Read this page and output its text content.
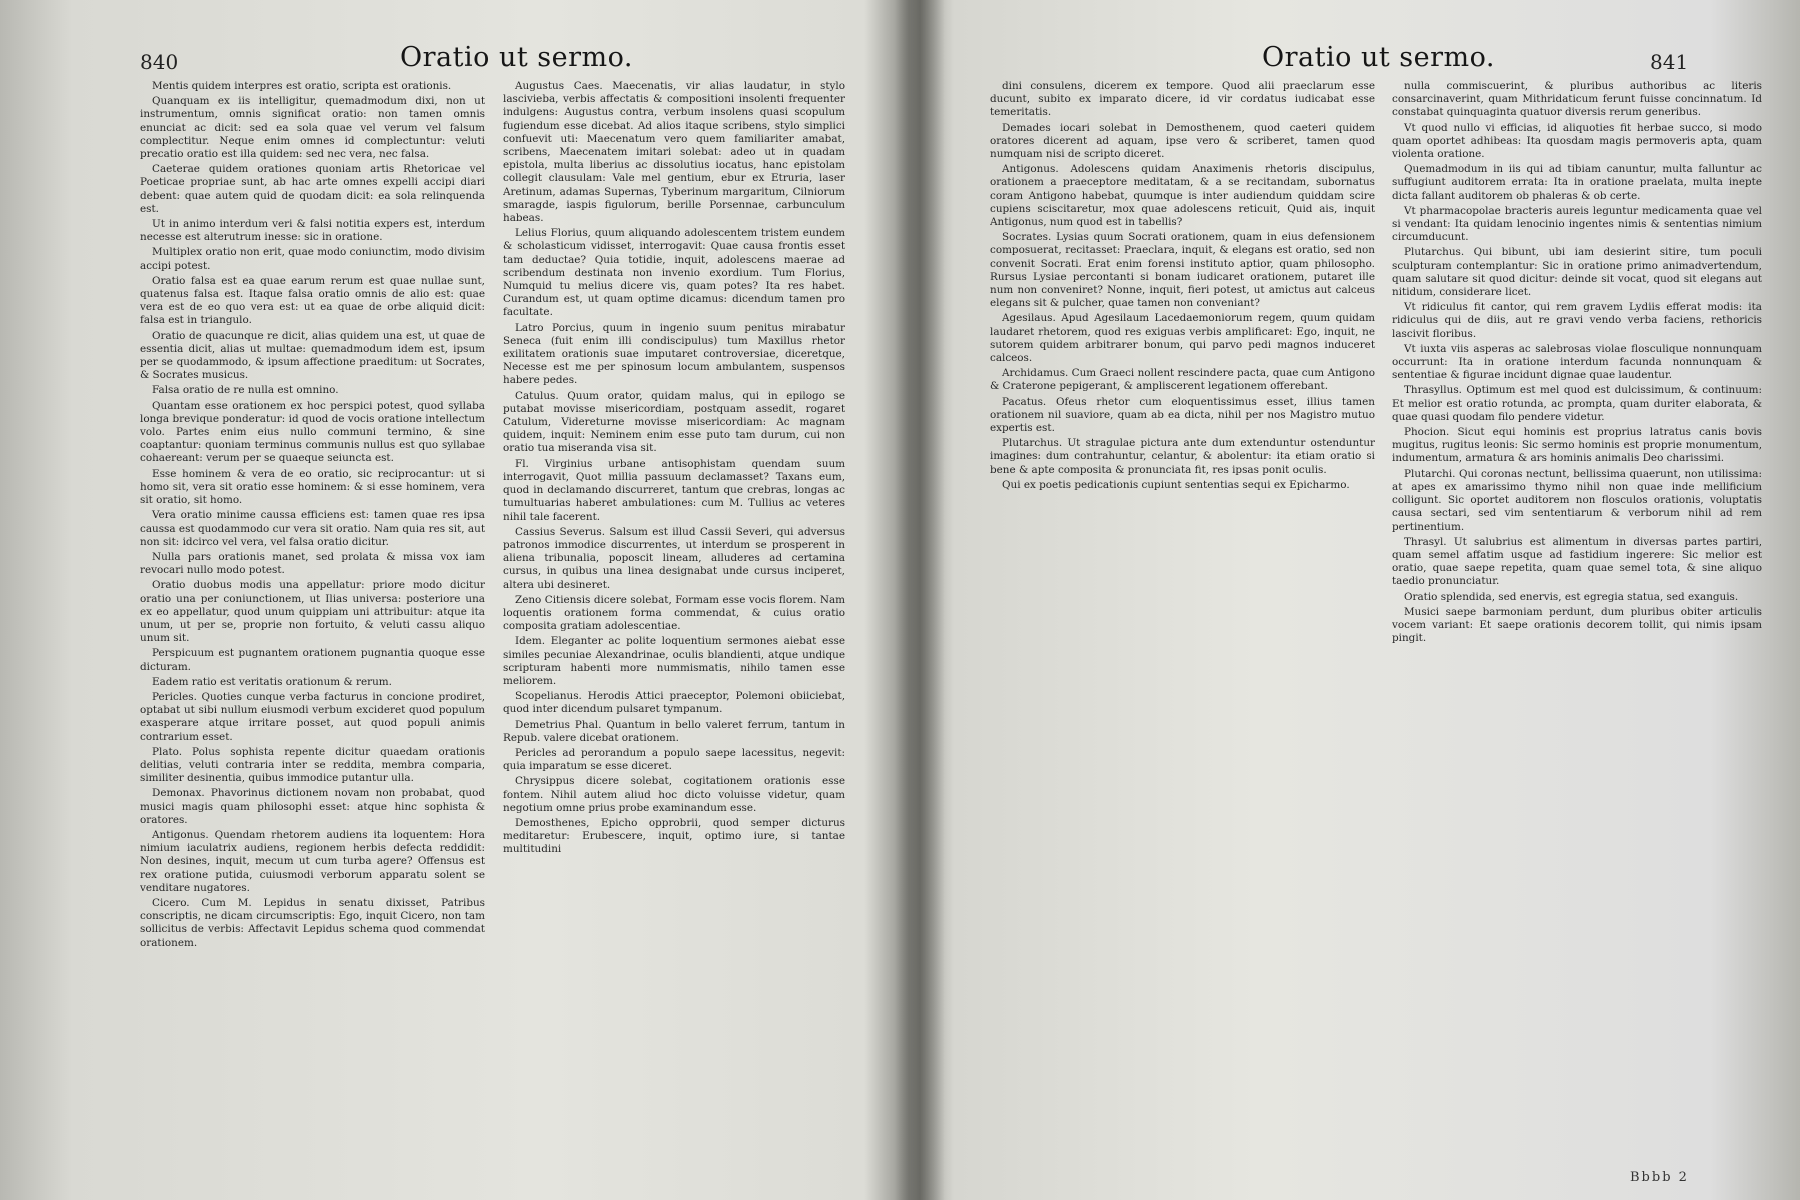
840	Oratio ut sermo.

Mentis quidem interpres est oratio, scripta est orationis.

Quanquam ex iis intelligitur, quemadmodum dixi, non ut instrumentum, omnis significat oratio: non tamen omnis enunciat ac dicit: sed ea sola quae vel verum vel falsum complectitur. Neque enim omnes id complectuntur: veluti precatio oratio est illa quidem: sed nec vera, nec falsa.

Caeterae quidem orationes quoniam artis Rhetoricae vel Poeticae propriae sunt, ab hac arte omnes expelli accipi diari debent: quae autem quid de quodam dicit: ea sola relinquenda est.

Ut in animo interdum veri & falsi notitia expers est, interdum necesse est alterutrum inesse: sic in oratione.

Multiplex oratio non erit, quae modo coniunctim, modo divisim accipi potest.

Oratio falsa est ea quae earum rerum est quae nullae sunt, quatenus falsa est. Itaque falsa oratio omnis de alio est: quae vera est de eo quo vera est: ut ea quae de orbe aliquid dicit: falsa est in triangulo.

Oratio de quacunque re dicit, alias quidem una est, ut quae de essentia dicit, alias ut multae: quemadmodum idem est, ipsum per se quodammodo, & ipsum affectione praeditum: ut Socrates, & Socrates musicus.

Falsa oratio de re nulla est omnino.

Quantam esse orationem ex hoc perspici potest, quod syllaba longa brevique ponderatur: id quod de vocis oratione intellectum volo. Partes enim eius nullo communi termino, & sine coaptantur: quoniam terminus communis nullus est quo syllabae cohaereant: verum per se quaeque seiuncta est.

Esse hominem & vera de eo oratio, sic reciprocantur: ut si homo sit, vera sit oratio esse hominem: & si esse hominem, vera sit oratio, sit homo.

Vera oratio minime caussa efficiens est: tamen quae res ipsa caussa est quodammodo cur vera sit oratio. Nam quia res sit, aut non sit: idcirco vel vera, vel falsa oratio dicitur.

Nulla pars orationis manet, sed prolata & missa vox iam revocari nullo modo potest.

Oratio duobus modis una appellatur: priore modo dicitur oratio una per coniunctionem, ut Ilias universa: posteriore una ex eo appellatur, quod unum quippiam uni attribuitur: atque ita unum, ut per se, proprie non fortuito, & veluti cassu aliquo unum sit.

Perspicuum est pugnantem orationem pugnantia quoque esse dicturam.

Eadem ratio est veritatis orationum & rerum.

Pericles. Quoties cunque verba facturus in concione prodiret, optabat ut sibi nullum eiusmodi verbum excideret quod populum exasperare atque irritare posset, aut quod populi animis contrarium esset.

Plato. Polus sophista repente dicitur quaedam orationis delitias, veluti contraria inter se reddita, membra comparia, similiter desinentia, quibus immodice putantur ulla.

Demonax. Phavorinus dictionem novam non probabat, quod musici magis quam philosophi esset: atque hinc sophista & oratores.

Antigonus. Quendam rhetorem audiens ita loquentem: Hora nimium iaculatrix audiens, regionem herbis defecta reddidit: Non desines, inquit, mecum ut cum turba agere? Offensus est rex oratione putida, cuiusmodi verborum apparatu solent se venditare nugatores.

Cicero. Cum M. Lepidus in senatu dixisset, Patribus conscriptis, ne dicam circumscriptis: Ego, inquit Cicero, non tam sollicitus de verbis: Affectavit Lepidus schema quod commendat orationem.

Augustus Caes. Maecenatis, vir alias laudatur, in stylo lascivieba, verbis affectatis & compositioni insolenti frequenter indulgens: Augustus contra, verbum insolens quasi scopulum fugiendum esse dicebat. Ad alios itaque scribens, stylo simplici confuevit uti: Maecenatum vero quem familiariter amabat, scribens, Maecenatem imitari solebat: adeo ut in quadam epistola, multa liberius ac dissolutius iocatus, hanc epistolam collegit clausulam: Vale mel gentium, ebur ex Etruria, laser Aretinum, adamas Supernas, Tyberinum margaritum, Cilniorum smaragde, iaspis figulorum, berille Porsennae, carbunculum habeas.

Lelius Florius, quum aliquando adolescentem tristem eundem & scholasticum vidisset, interrogavit: Quae causa frontis esset tam deductae? Quia totidie, inquit, adolescens maerae ad scribendum destinata non invenio exordium. Tum Florius, Numquid tu melius dicere vis, quam potes? Ita res habet. Curandum est, ut quam optime dicamus: dicendum tamen pro facultate.

Latro Porcius, quum in ingenio suum penitus mirabatur Seneca (fuit enim illi condiscipulus) tum Maxillus rhetor exilitatem orationis suae imputaret controversiae, diceretque, Necesse est me per spinosum locum ambulantem, suspensos habere pedes.

Catulus. Quum orator, quidam malus, qui in epilogo se putabat movisse misericordiam, postquam assedit, rogaret Catulum, Videreturne movisse misericordiam: Ac magnam quidem, inquit: Neminem enim esse puto tam durum, cui non oratio tua miseranda visa sit.

Fl. Virginius urbane antisophistam quendam suum interrogavit, Quot millia passuum declamasset? Taxans eum, quod in declamando discurreret, tantum que crebras, longas ac tumultuarias haberet ambulationes: cum M. Tullius ac veteres nihil tale facerent.

Cassius Severus. Salsum est illud Cassii Severi, qui adversus patronos immodice discurrentes, ut interdum se prosperent in aliena tribunalia, poposcit lineam, alluderes ad certamina cursus, in quibus una linea designabat unde cursus inciperet, altera ubi desineret.

Zeno Citiensis dicere solebat, Formam esse vocis florem. Nam loquentis orationem forma commendat, & cuius oratio composita gratiam adolescentiae.

Idem. Eleganter ac polite loquentium sermones aiebat esse similes pecuniae Alexandrinae, oculis blandienti, atque undique scripturam habenti more nummismatis, nihilo tamen esse meliorem.

Scopelianus. Herodis Attici praeceptor, Polemoni obiiciebat, quod inter dicendum pulsaret tympanum.

Demetrius Phal. Quantum in bello valeret ferrum, tantum in Repub. valere dicebat orationem.

Pericles ad perorandum a populo saepe lacessitus, negevit: quia imparatum se esse diceret.

Chrysippus dicere solebat, cogitationem orationis esse fontem. Nihil autem aliud hoc dicto voluisse videtur, quam negotium omne prius probe examinandum esse.

Demosthenes, Epicho opprobrii, quod semper dicturus meditaretur: Erubescere, inquit, optimo iure, si tantae multitudini

Oratio ut sermo.	841

dini consulens, dicerem ex tempore. Quod alii praeclarum esse ducunt, subito ex imparato dicere, id vir cordatus iudicabat esse temeritatis.

Demades iocari solebat in Demosthenem, quod caeteri quidem oratores dicerent ad aquam, ipse vero & scriberet, tamen quod numquam nisi de scripto diceret.

Antigonus. Adolescens quidam Anaximenis rhetoris discipulus, orationem a praeceptore meditatam, & a se recitandam, subornatus coram Antigono habebat, quumque is inter audiendum quiddam scire cupiens sciscitaretur, mox quae adolescens reticuit, Quid ais, inquit Antigonus, num quod est in tabellis?

Socrates. Lysias quum Socrati orationem, quam in eius defensionem composuerat, recitasset: Praeclara, inquit, & elegans est oratio, sed non convenit Socrati. Erat enim forensi instituto aptior, quam philosopho. Rursus Lysiae percontanti si bonam iudicaret orationem, putaret ille num non conveniret? Nonne, inquit, fieri potest, ut amictus aut calceus elegans sit & pulcher, quae tamen non conveniant?

Agesilaus. Apud Agesilaum Lacedaemoniorum regem, quum quidam laudaret rhetorem, quod res exiguas verbis amplificaret: Ego, inquit, ne sutorem quidem arbitrarer bonum, qui parvo pedi magnos induceret calceos.

Archidamus. Cum Graeci nollent rescindere pacta, quae cum Antigono & Craterone pepigerant, & ampliscerent legationem offerebant.

Pacatus. Ofeus rhetor cum eloquentissimus esset, illius tamen orationem nil suaviore, quam ab ea dicta, nihil per nos Magistro mutuo expertis est.

Plutarchus. Ut stragulae pictura ante dum extenduntur ostenduntur imagines: dum contrahuntur, celantur, & abolentur: ita etiam oratio si bene & apte composita & pronunciata fit, res ipsas ponit oculis.

Qui ex poetis pedicationis cupiunt sententias sequi ex Epicharmo.

nulla commiscuerint, & pluribus authoribus ac literis consarcinaverint, quam Mithridaticum ferunt fuisse concinnatum. Id constabat quinquaginta quatuor diversis rerum generibus.

Vt quod nullo vi efficias, id aliquoties fit herbae succo, si modo quam oportet adhibeas: Ita quosdam magis permoveris apta, quam violenta oratione.

Quemadmodum in iis qui ad tibiam canuntur, multa falluntur ac suffugiunt auditorem errata: Ita in oratione praelata, multa inepte dicta fallant auditorem ob phaleras & ob certe.

Vt pharmacopolae bracteris aureis leguntur medicamenta quae vel si vendant: Ita quidam lenocinio ingentes nimis & sententias nimium circumducunt.

Plutarchus. Qui bibunt, ubi iam desierint sitire, tum poculi sculpturam contemplantur: Sic in oratione primo animadvertendum, quam salutare sit quod dicitur: deinde sit vocat, quod sit elegans aut nitidum, considerare licet.

Vt ridiculus fit cantor, qui rem gravem Lydiis efferat modis: ita ridiculus qui de diis, aut re gravi vendo verba faciens, rethoricis lascivit floribus.

Vt iuxta viis asperas ac salebrosas violae flosculique nonnunquam occurrunt: Ita in oratione interdum facunda nonnunquam & sententiae & figurae incidunt dignae quae laudentur.

Thrasyllus. Optimum est mel quod est dulcissimum, & continuum: Et melior est oratio rotunda, ac prompta, quam duriter elaborata, & quae quasi quodam filo pendere videtur.

Phocion. Sicut equi hominis est proprius latratus canis bovis mugitus, rugitus leonis: Sic sermo hominis est proprie monumentum, indumentum, armatura & ars hominis animalis Deo charissimi.

Plutarchi. Qui coronas nectunt, bellissima quaerunt, non utilissima: at apes ex amarissimo thymo nihil non quae inde mellificium colligunt. Sic oportet auditorem non flosculos orationis, voluptatis causa sectari, sed vim sententiarum & verborum nihil ad rem pertinentium.

Thrasyl. Ut salubrius est alimentum in diversas partes partiri, quam semel affatim usque ad fastidium ingerere: Sic melior est oratio, quae saepe repetita, quam quae semel tota, & sine aliquo taedio pronunciatur.

Oratio splendida, sed enervis, est egregia statua, sed exanguis.

Musici saepe barmoniam perdunt, dum pluribus obiter articulis vocem variant: Et saepe orationis decorem tollit, qui nimis ipsam pingit.

Bbbb 2
